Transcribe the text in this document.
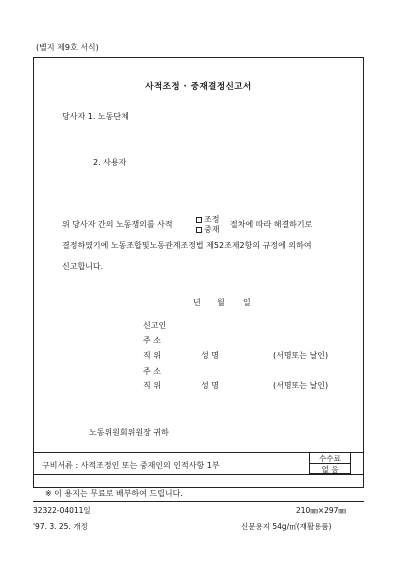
(별지 제9호 서식)
사적조정 · 중재결정신고서
당사자 1. 노동단체
2. 사용자
위 당사자 간의 노동쟁의를 사적
조정
중재
절차에 따라 해결하기로
결정하였기에 노동조합및노동관계조정법 제52조제2항의 규정에 의하여
신고합니다.
년 월 일
신고인
주 소
직 위	성 명	(서명또는 날인)
주 소
직 위	성 명	(서명또는 날인)
노동위원회위원장 귀하
구비서류 : 사적조정인 또는 중재인의 인적사항 1부
수수료
없 음
※ 이 용지는 무료로 배부하여 드립니다.
32322-04011일	210㎜×297㎜
'97. 3. 25. 개정	신문용지 54g/㎡(재활용품)
